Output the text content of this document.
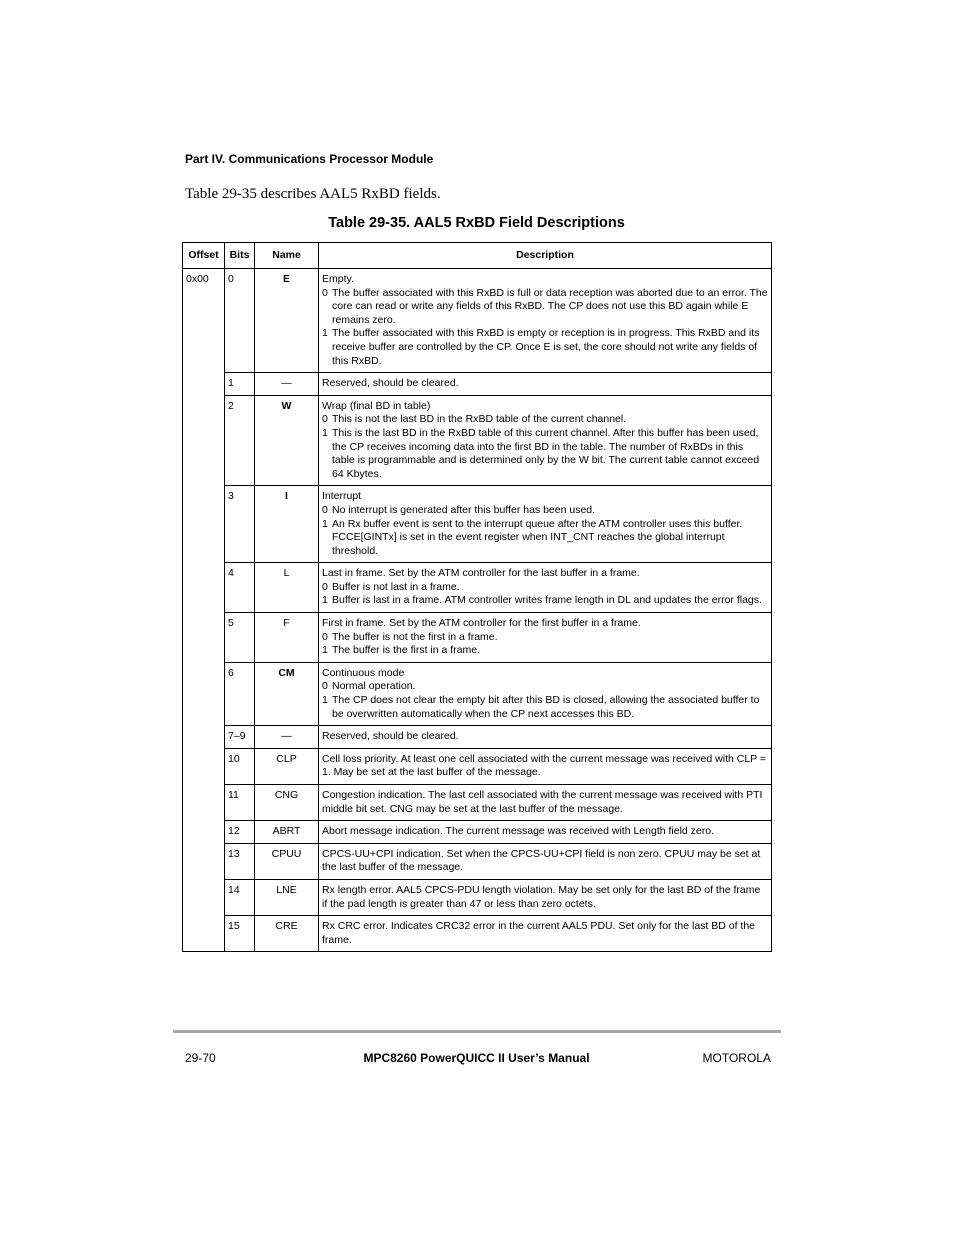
Part IV. Communications Processor Module
Table 29-35 describes AAL5 RxBD fields.
Table 29-35. AAL5 RxBD Field Descriptions
Offset	Bits	Name	Description
0x00	0	E	Empty.
0 The buffer associated with this RxBD is full or data reception was aborted due to an error. The core can read or write any fields of this RxBD. The CP does not use this BD again while E remains zero.
1 The buffer associated with this RxBD is empty or reception is in progress. This RxBD and its receive buffer are controlled by the CP. Once E is set, the core should not write any fields of this RxBD.

	1	—	Reserved, should be cleared.

	2	W	Wrap (final BD in table)
0 This is not the last BD in the RxBD table of the current channel.
1 This is the last BD in the RxBD table of this current channel. After this buffer has been used, the CP receives incoming data into the first BD in the table. The number of RxBDs in this table is programmable and is determined only by the W bit. The current table cannot exceed 64 Kbytes.

	3	I	Interrupt
0 No interrupt is generated after this buffer has been used.
1 An Rx buffer event is sent to the interrupt queue after the ATM controller uses this buffer. FCCE[GINTx] is set in the event register when INT_CNT reaches the global interrupt threshold.

	4	L	Last in frame. Set by the ATM controller for the last buffer in a frame.
0 Buffer is not last in a frame.
1 Buffer is last in a frame. ATM controller writes frame length in DL and updates the error flags.

	5	F	First in frame. Set by the ATM controller for the first buffer in a frame.
0 The buffer is not the first in a frame.
1 The buffer is the first in a frame.

	6	CM	Continuous mode
0 Normal operation.
1 The CP does not clear the empty bit after this BD is closed, allowing the associated buffer to be overwritten automatically when the CP next accesses this BD.

	7–9	—	Reserved, should be cleared.

	10	CLP	Cell loss priority. At least one cell associated with the current message was received with CLP = 1. May be set at the last buffer of the message.

	11	CNG	Congestion indication. The last cell associated with the current message was received with PTI middle bit set. CNG may be set at the last buffer of the message.

	12	ABRT	Abort message indication. The current message was received with Length field zero.

	13	CPUU	CPCS-UU+CPI indication. Set when the CPCS-UU+CPI field is non zero. CPUU may be set at the last buffer of the message.

	14	LNE	Rx length error. AAL5 CPCS-PDU length violation. May be set only for the last BD of the frame if the pad length is greater than 47 or less than zero octets.

	15	CRE	Rx CRC error. Indicates CRC32 error in the current AAL5 PDU. Set only for the last BD of the frame.
29-70	MPC8260 PowerQUICC II User’s Manual	MOTOROLA
